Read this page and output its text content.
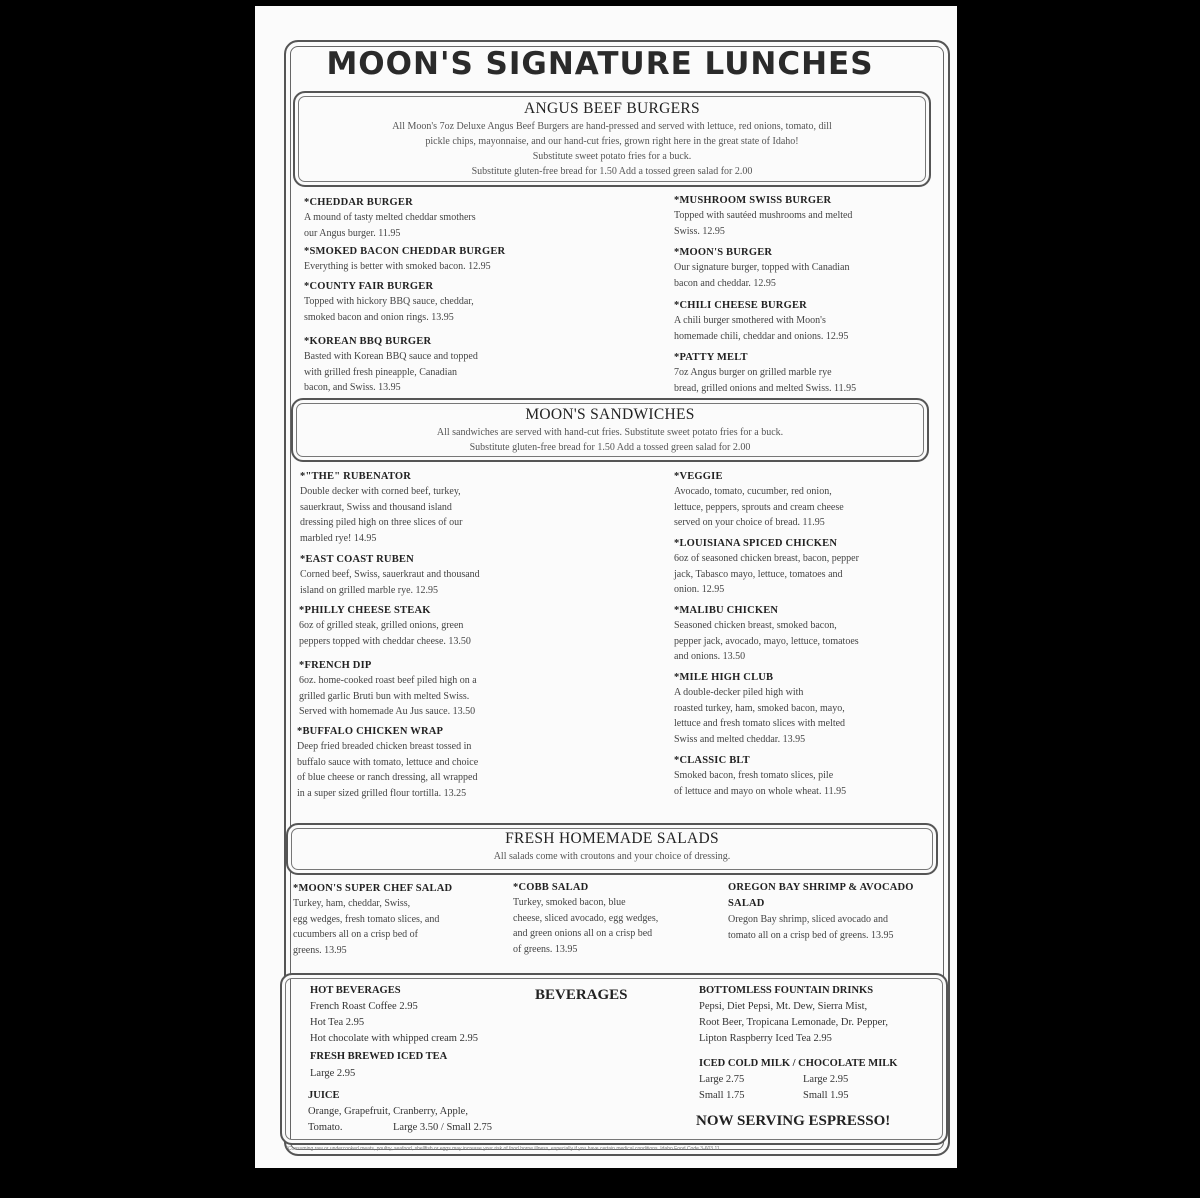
MOON'S SIGNATURE LUNCHES
ANGUS BEEF BURGERS
All Moon's 7oz Deluxe Angus Beef Burgers are hand-pressed and served with lettuce, red onions, tomato, dill
pickle chips, mayonnaise, and our hand-cut fries, grown right here in the great state of Idaho!
Substitute sweet potato fries for a buck.
Substitute gluten-free bread for 1.50 Add a tossed green salad for 2.00
*CHEDDAR BURGER
A mound of tasty melted cheddar smothers
our Angus burger. 11.95
*SMOKED BACON CHEDDAR BURGER
Everything is better with smoked bacon. 12.95
*COUNTY FAIR BURGER
Topped with hickory BBQ sauce, cheddar,
smoked bacon and onion rings. 13.95
*KOREAN BBQ BURGER
Basted with Korean BBQ sauce and topped
with grilled fresh pineapple, Canadian
bacon, and Swiss. 13.95
*MUSHROOM SWISS BURGER
Topped with sautéed mushrooms and melted
Swiss. 12.95
*MOON'S BURGER
Our signature burger, topped with Canadian
bacon and cheddar. 12.95
*CHILI CHEESE BURGER
A chili burger smothered with Moon's
homemade chili, cheddar and onions. 12.95
*PATTY MELT
7oz Angus burger on grilled marble rye
bread, grilled onions and melted Swiss. 11.95
MOON'S SANDWICHES
All sandwiches are served with hand-cut fries. Substitute sweet potato fries for a buck.
Substitute gluten-free bread for 1.50 Add a tossed green salad for 2.00
*"THE" RUBENATOR
Double decker with corned beef, turkey,
sauerkraut, Swiss and thousand island
dressing piled high on three slices of our
marbled rye! 14.95
*EAST COAST RUBEN
Corned beef, Swiss, sauerkraut and thousand
island on grilled marble rye. 12.95
*PHILLY CHEESE STEAK
6oz of grilled steak, grilled onions, green
peppers topped with cheddar cheese. 13.50
*FRENCH DIP
6oz. home-cooked roast beef piled high on a
grilled garlic Bruti bun with melted Swiss.
Served with homemade Au Jus sauce. 13.50
*BUFFALO CHICKEN WRAP
Deep fried breaded chicken breast tossed in
buffalo sauce with tomato, lettuce and choice
of blue cheese or ranch dressing, all wrapped
in a super sized grilled flour tortilla. 13.25
*VEGGIE
Avocado, tomato, cucumber, red onion,
lettuce, peppers, sprouts and cream cheese
served on your choice of bread. 11.95
*LOUISIANA SPICED CHICKEN
6oz of seasoned chicken breast, bacon, pepper
jack, Tabasco mayo, lettuce, tomatoes and
onion. 12.95
*MALIBU CHICKEN
Seasoned chicken breast, smoked bacon,
pepper jack, avocado, mayo, lettuce, tomatoes
and onions. 13.50
*MILE HIGH CLUB
A double-decker piled high with
roasted turkey, ham, smoked bacon, mayo,
lettuce and fresh tomato slices with melted
Swiss and melted cheddar. 13.95
*CLASSIC BLT
Smoked bacon, fresh tomato slices, pile
of lettuce and mayo on whole wheat. 11.95
FRESH HOMEMADE SALADS
All salads come with croutons and your choice of dressing.
*MOON'S SUPER CHEF SALAD
Turkey, ham, cheddar, Swiss,
egg wedges, fresh tomato slices, and
cucumbers all on a crisp bed of
greens. 13.95
*COBB SALAD
Turkey, smoked bacon, blue
cheese, sliced avocado, egg wedges,
and green onions all on a crisp bed
of greens. 13.95
OREGON BAY SHRIMP & AVOCADO SALAD
Oregon Bay shrimp, sliced avocado and
tomato all on a crisp bed of greens. 13.95
BEVERAGES
HOT BEVERAGES
French Roast Coffee 2.95
Hot Tea 2.95
Hot chocolate with whipped cream 2.95
FRESH BREWED ICED TEA
Large 2.95
JUICE
Orange, Grapefruit, Cranberry, Apple,
Tomato.	Large 3.50 / Small 2.75
BOTTOMLESS FOUNTAIN DRINKS
Pepsi, Diet Pepsi, Mt. Dew, Sierra Mist,
Root Beer, Tropicana Lemonade, Dr. Pepper,
Lipton Raspberry Iced Tea 2.95
ICED COLD MILK / CHOCOLATE MILK
Large 2.75
Small 1.75
Large 2.95
Small 1.95
NOW SERVING ESPRESSO!
*Consuming raw or undercooked meats, poultry, seafood, shellfish or eggs may increase your risk of food borne illness, especially if you have certain medical conditions. Idaho Food Code 3-603.11
